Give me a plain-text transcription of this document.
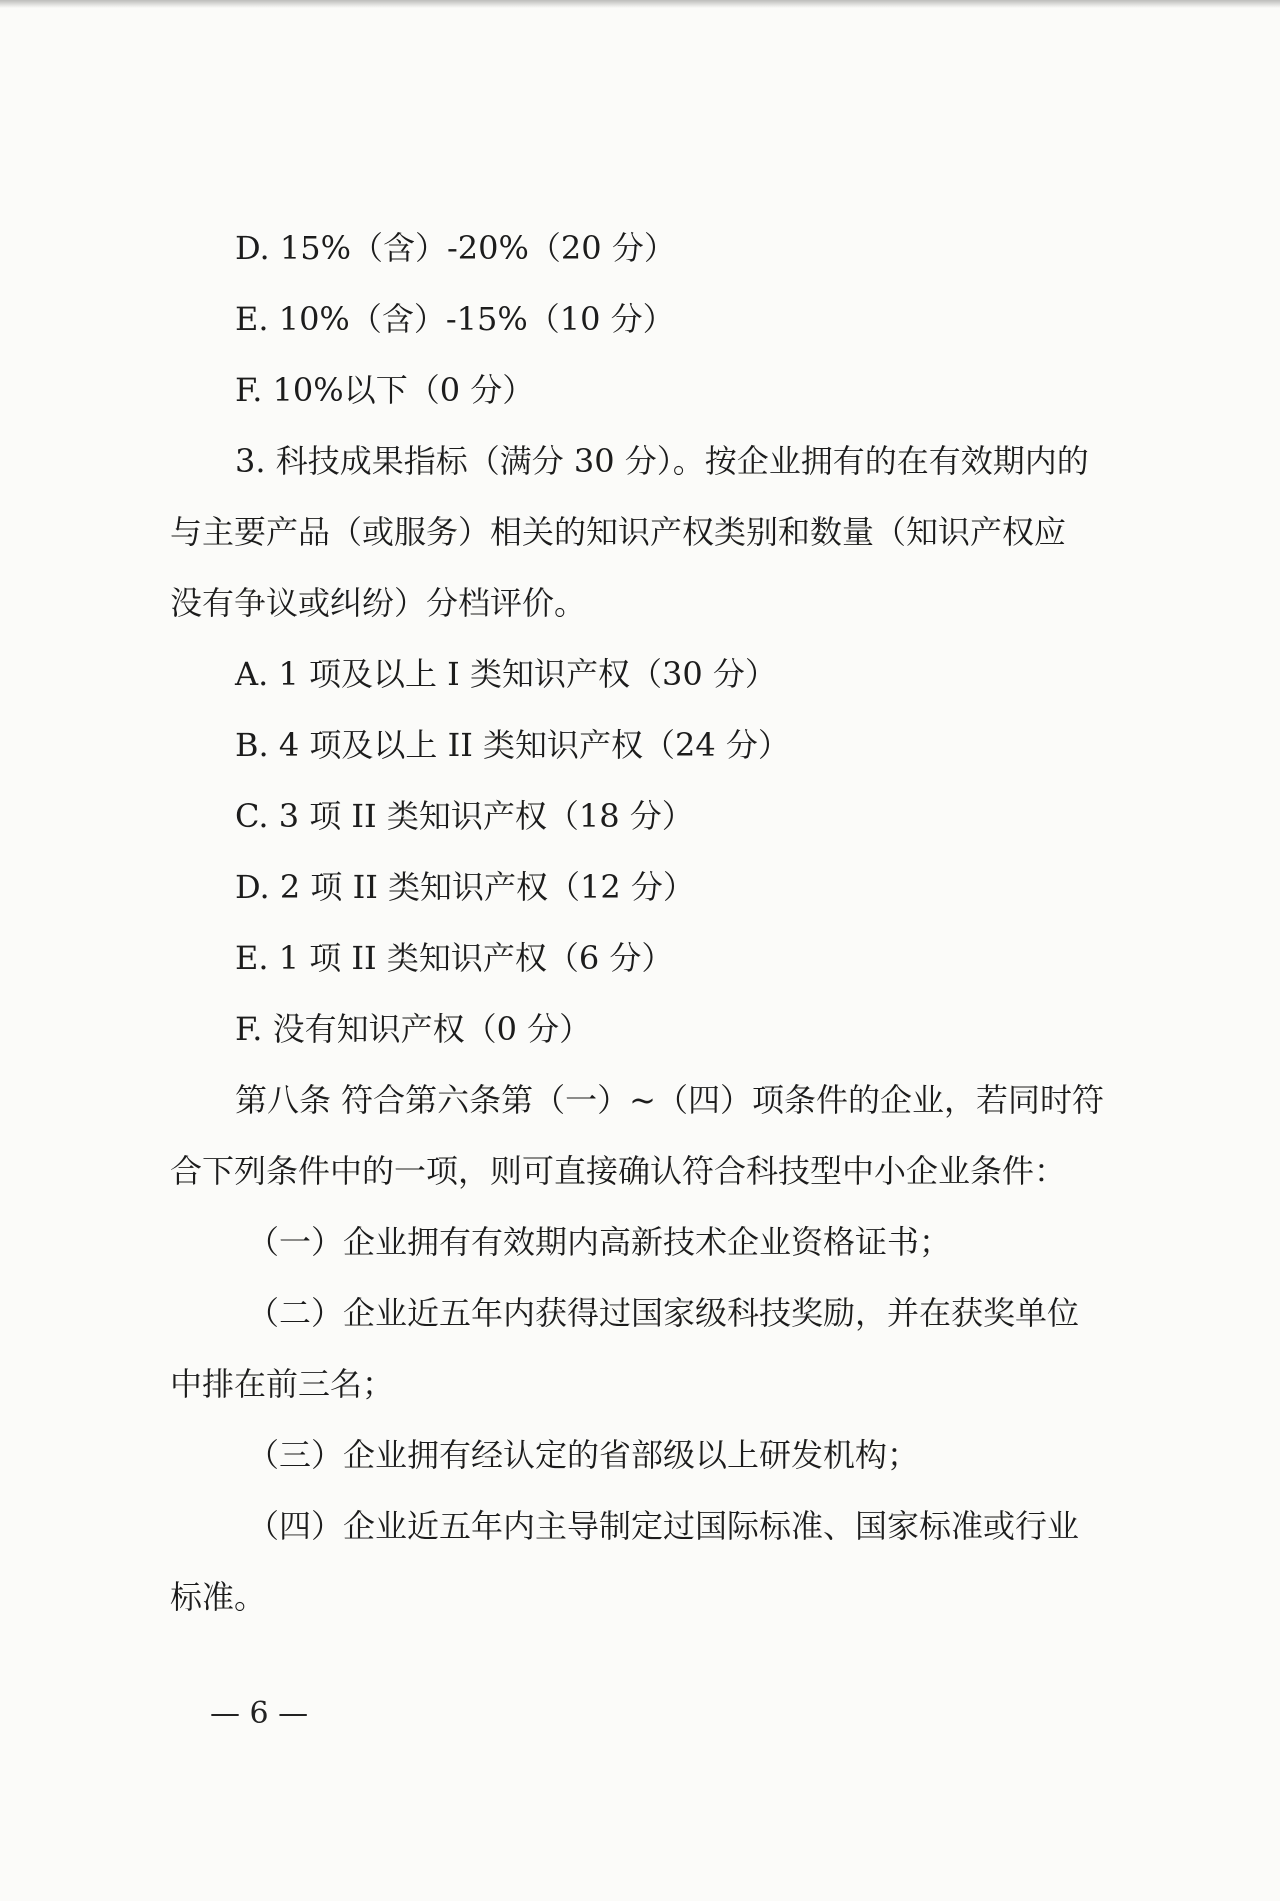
D. 15%（含）-20%（20 分）
E. 10%（含）-15%（10 分）
F. 10%以下（0 分）
3. 科技成果指标（满分 30 分）。按企业拥有的在有效期内的
与主要产品（或服务）相关的知识产权类别和数量（知识产权应
没有争议或纠纷）分档评价。
A. 1 项及以上 I 类知识产权（30 分）
B. 4 项及以上 II 类知识产权（24 分）
C. 3 项 II 类知识产权（18 分）
D. 2 项 II 类知识产权（12 分）
E. 1 项 II 类知识产权（6 分）
F. 没有知识产权（0 分）
第八条 符合第六条第（一）~（四）项条件的企业，若同时符
合下列条件中的一项，则可直接确认符合科技型中小企业条件：
（一）企业拥有有效期内高新技术企业资格证书；
（二）企业近五年内获得过国家级科技奖励，并在获奖单位
中排在前三名；
（三）企业拥有经认定的省部级以上研发机构；
（四）企业近五年内主导制定过国际标准、国家标准或行业
标准。
— 6 —
